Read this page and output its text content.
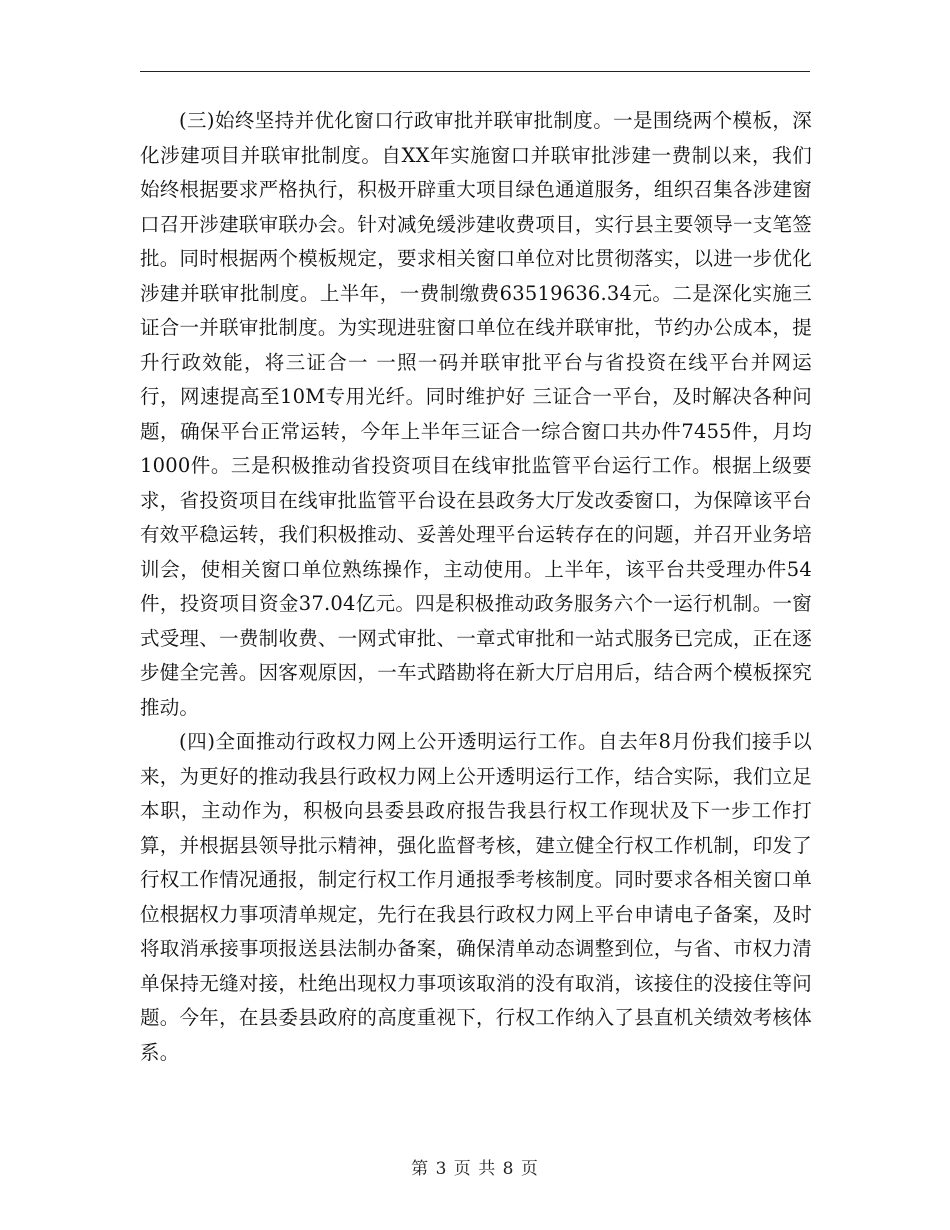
(三)始终坚持并优化窗口行政审批并联审批制度。一是围绕两个模板，深化涉建项目并联审批制度。自XX年实施窗口并联审批涉建一费制以来，我们始终根据要求严格执行，积极开辟重大项目绿色通道服务，组织召集各涉建窗口召开涉建联审联办会。针对减免缓涉建收费项目，实行县主要领导一支笔签批。同时根据两个模板规定，要求相关窗口单位对比贯彻落实，以进一步优化涉建并联审批制度。上半年，一费制缴费63519636.34元。二是深化实施三证合一并联审批制度。为实现进驻窗口单位在线并联审批，节约办公成本，提升行政效能，将三证合一 一照一码并联审批平台与省投资在线平台并网运行，网速提高至10M专用光纤。同时维护好 三证合一平台，及时解决各种问题，确保平台正常运转，今年上半年三证合一综合窗口共办件7455件，月均1000件。三是积极推动省投资项目在线审批监管平台运行工作。根据上级要求，省投资项目在线审批监管平台设在县政务大厅发改委窗口，为保障该平台有效平稳运转，我们积极推动、妥善处理平台运转存在的问题，并召开业务培训会，使相关窗口单位熟练操作，主动使用。上半年，该平台共受理办件54件，投资项目资金37.04亿元。四是积极推动政务服务六个一运行机制。一窗式受理、一费制收费、一网式审批、一章式审批和一站式服务已完成，正在逐步健全完善。因客观原因，一车式踏勘将在新大厅启用后，结合两个模板探究推动。

(四)全面推动行政权力网上公开透明运行工作。自去年8月份我们接手以来，为更好的推动我县行政权力网上公开透明运行工作，结合实际，我们立足本职，主动作为，积极向县委县政府报告我县行权工作现状及下一步工作打算，并根据县领导批示精神，强化监督考核，建立健全行权工作机制，印发了行权工作情况通报，制定行权工作月通报季考核制度。同时要求各相关窗口单位根据权力事项清单规定，先行在我县行政权力网上平台申请电子备案，及时将取消承接事项报送县法制办备案，确保清单动态调整到位，与省、市权力清单保持无缝对接，杜绝出现权力事项该取消的没有取消，该接住的没接住等问题。今年，在县委县政府的高度重视下，行权工作纳入了县直机关绩效考核体系。

第 3 页 共 8 页
